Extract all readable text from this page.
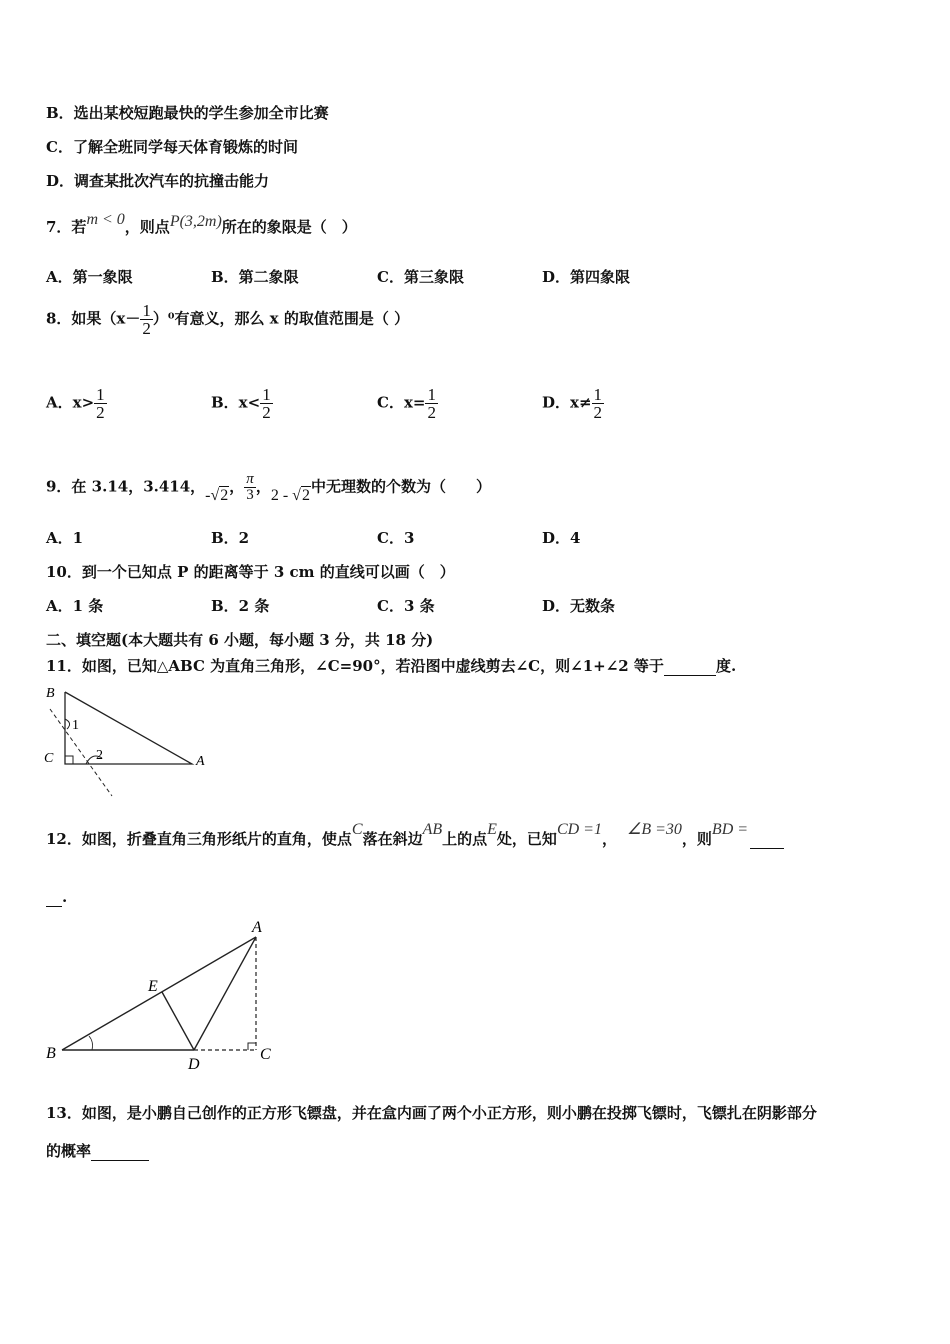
B．选出某校短跑最快的学生参加全市比赛
C．了解全班同学每天体育锻炼的时间
D．调查某批次汽车的抗撞击能力
7．若m < 0，则点P(3,2m)所在的象限是（　）
A．第一象限	B．第二象限	C．第三象限	D．第四象限
8．如果$(x- \frac{1}{2} )^0$有意义，那么 x 的取值范围是（ ）
A．$x> \frac{1}{2}$	B．$x< \frac{1}{2}$	C．$x= \frac{1}{2}$	D．$x\ne \frac{1}{2}$
9．在 3.14，3.414，-√2， $\frac{\pi}{3}$ ，2 - √2中无理数的个数为（　　）
A．1	B．2	C．3	D．4
10．到一个已知点 P 的距离等于 3 cm 的直线可以画（　）
A．1 条	B．2 条	C．3 条	D．无数条
二、填空题(本大题共有 6 小题，每小题 3 分，共 18 分)
11．如图，已知△ABC 为直角三角形，∠C=90°，若沿图中虚线剪去∠C，则∠1+∠2 等于	度.
B
C	A
1
2
12．如图，折叠直角三角形纸片的直角，使点C落在斜边AB上的点E处，已知CD =1，∠B =30，则BD =
.
A
E
B
D
C
13．如图，是小鹏自己创作的正方形飞镖盘，并在盒内画了两个小正方形，则小鹏在投掷飞镖时，飞镖扎在阴影部分
的概率
